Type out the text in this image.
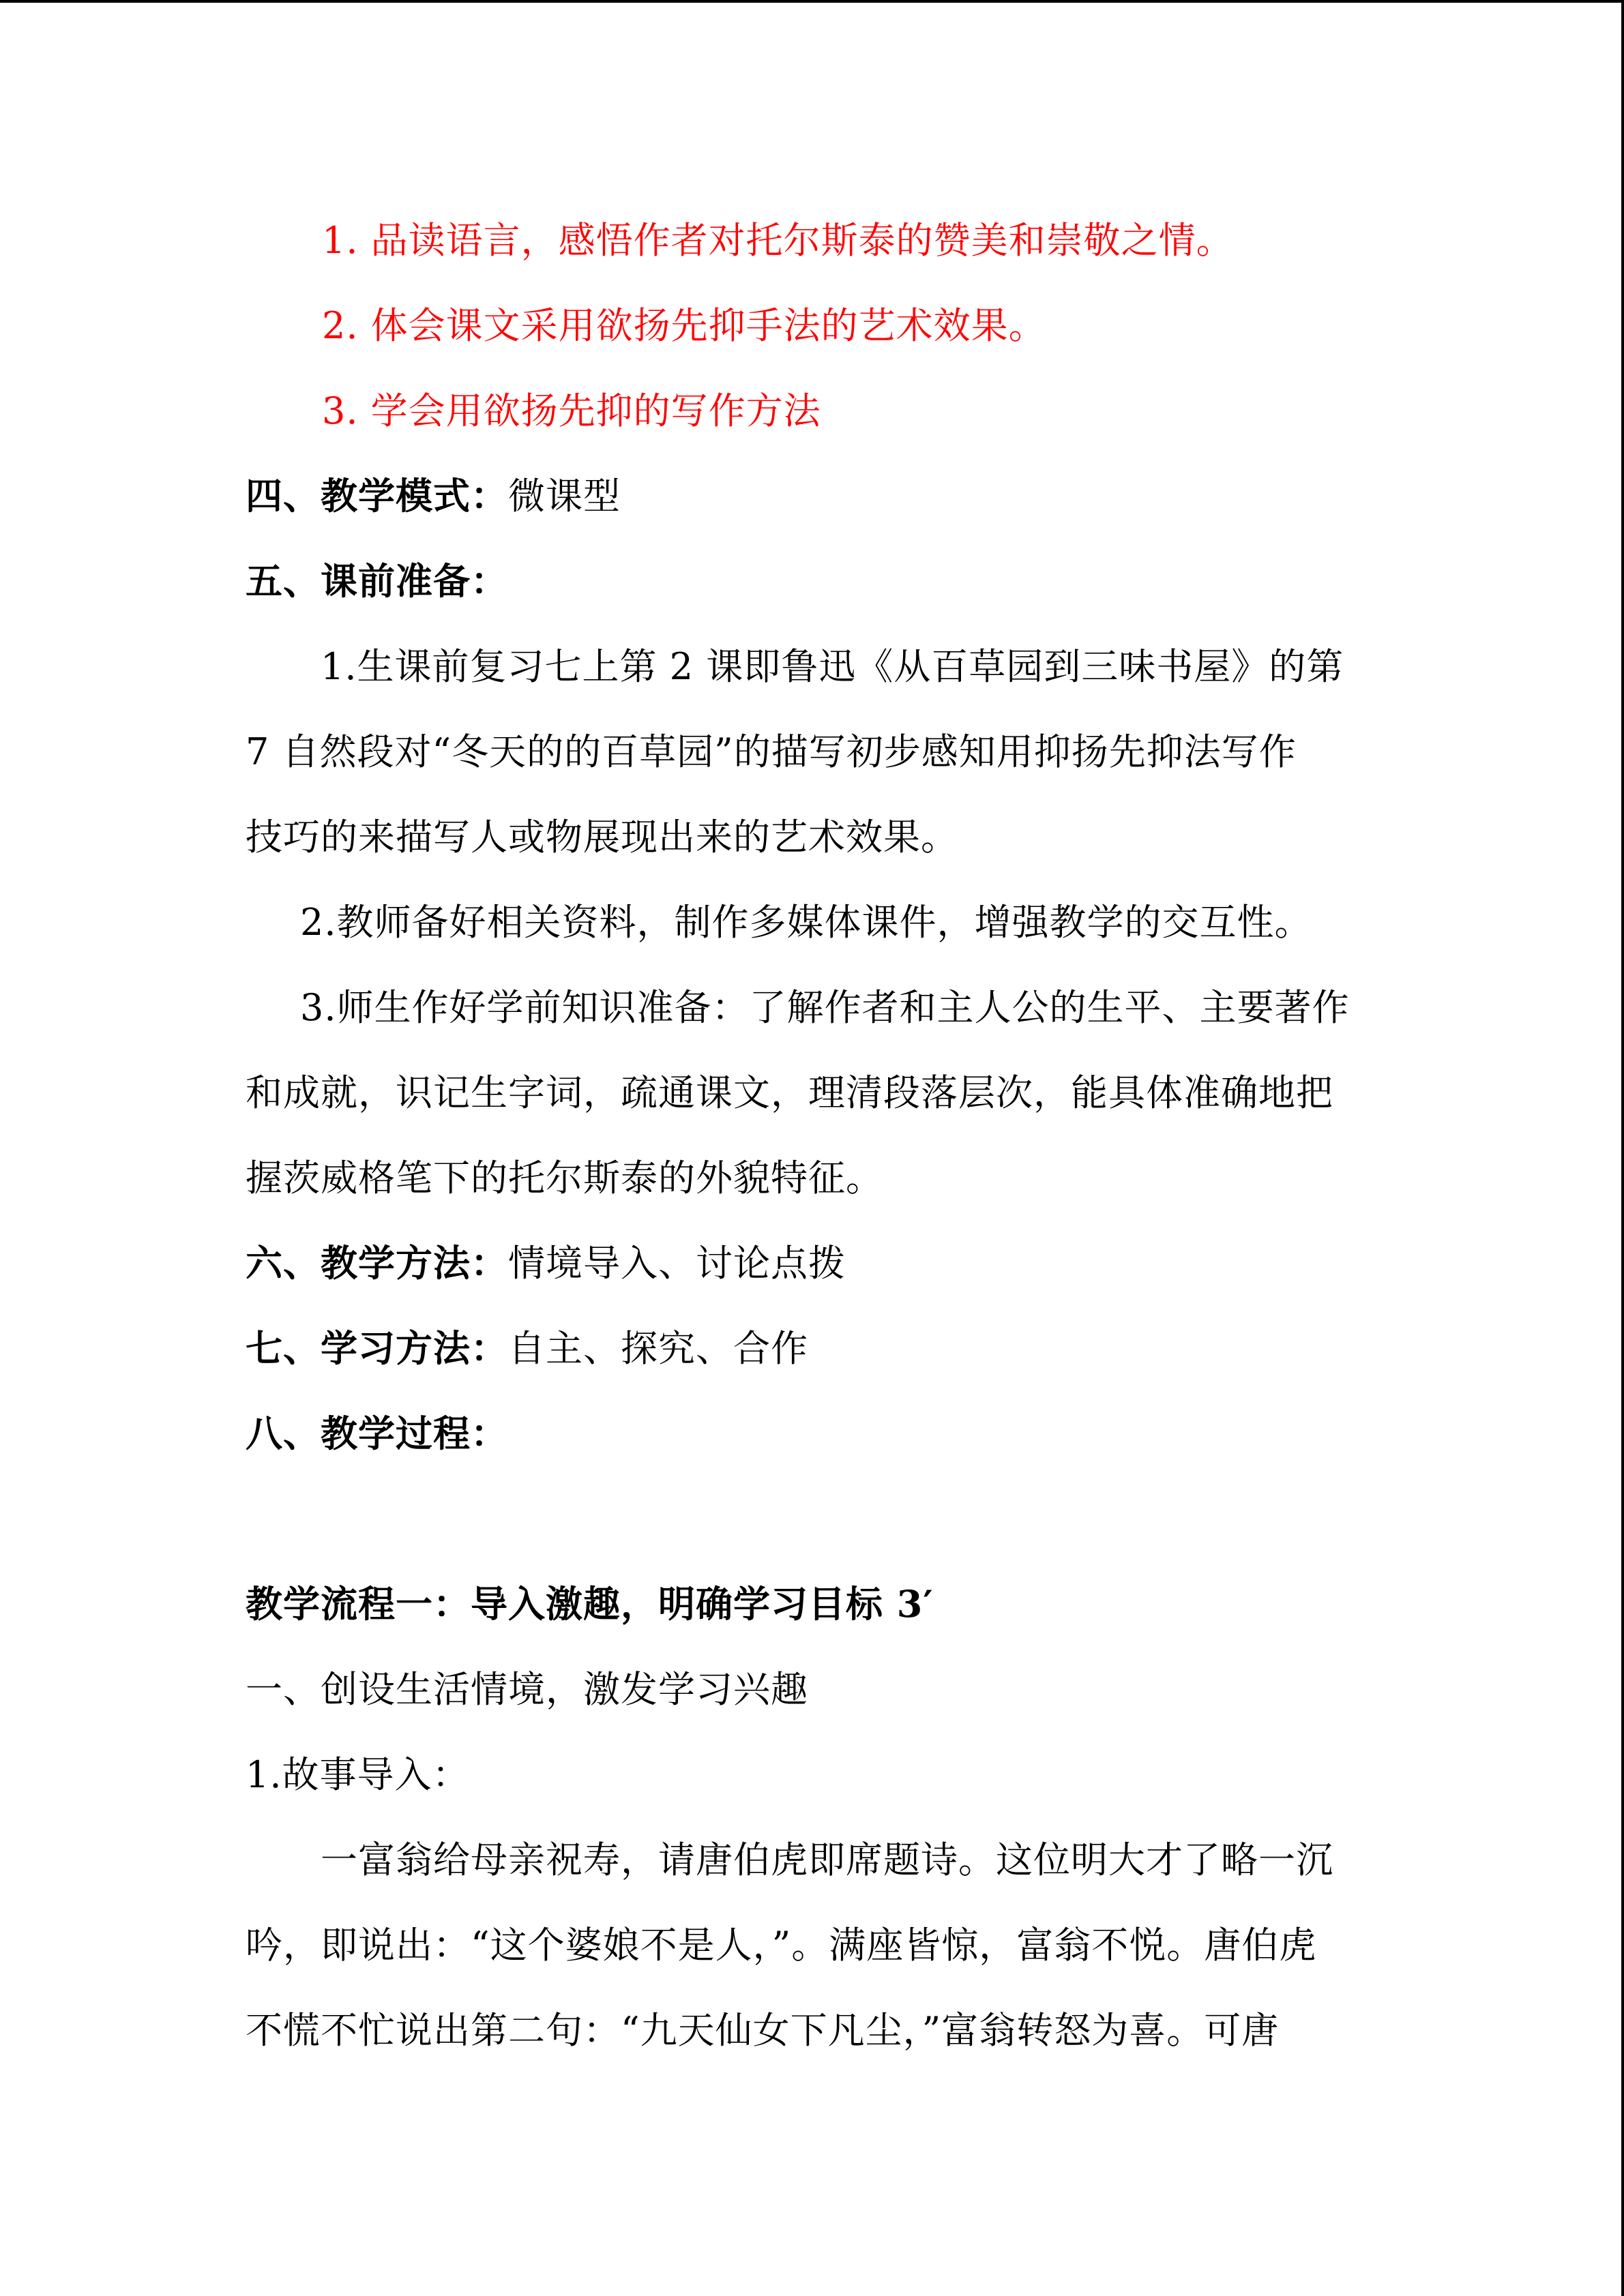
1. 品读语言，感悟作者对托尔斯泰的赞美和崇敬之情。
2. 体会课文采用欲扬先抑手法的艺术效果。
3. 学会用欲扬先抑的写作方法
四、教学模式：微课型
五、课前准备：
1.生课前复习七上第 2 课即鲁迅《从百草园到三味书屋》的第
7 自然段对“冬天的的百草园”的描写初步感知用抑扬先抑法写作
技巧的来描写人或物展现出来的艺术效果。
2.教师备好相关资料，制作多媒体课件，增强教学的交互性。
3.师生作好学前知识准备：了解作者和主人公的生平、主要著作
和成就，识记生字词，疏通课文，理清段落层次，能具体准确地把
握茨威格笔下的托尔斯泰的外貌特征。
六、教学方法：情境导入、讨论点拨
七、学习方法：自主、探究、合作
八、教学过程：
教学流程一：导入激趣，明确学习目标 3′
一、创设生活情境，激发学习兴趣
1.故事导入：
一富翁给母亲祝寿，请唐伯虎即席题诗。这位明大才了略一沉
吟，即说出：“这个婆娘不是人，”。满座皆惊，富翁不悦。唐伯虎
不慌不忙说出第二句：“九天仙女下凡尘，”富翁转怒为喜。可唐
